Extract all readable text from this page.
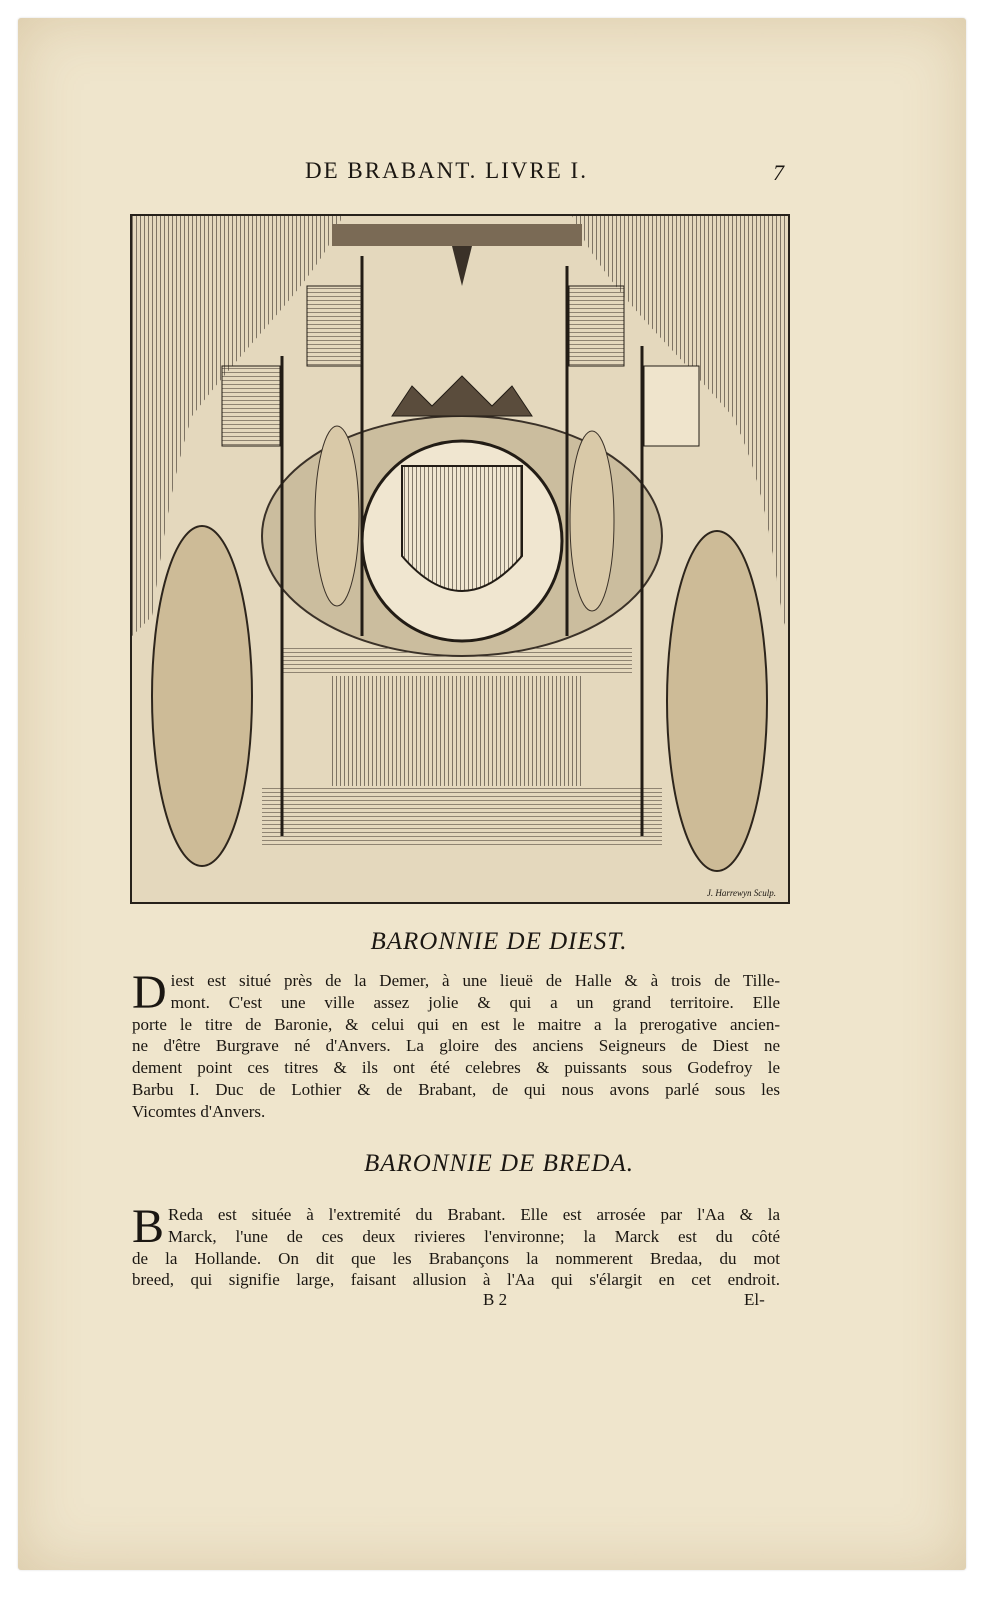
DE BRABANT. LIVRE I.	7
J. Harrewyn Sculp.
BARONNIE DE DIEST.
D iest est situé près de la Demer, à une lieuë de Halle & à trois de Tille-
mont. C'est une ville assez jolie & qui a un grand territoire. Elle
porte le titre de Baronie, & celui qui en est le maitre a la prerogative ancien-
ne d'être Burgrave né d'Anvers. La gloire des anciens Seigneurs de Diest ne
dement point ces titres & ils ont été celebres & puissants sous Godefroy le
Barbu I. Duc de Lothier & de Brabant, de qui nous avons parlé sous les
Vicomtes d'Anvers.
BARONNIE DE BREDA.
B Reda est située à l'extremité du Brabant. Elle est arrosée par l'Aa & la
Marck, l'une de ces deux rivieres l'environne; la Marck est du côté
de la Hollande. On dit que les Brabançons la nommerent Bredaa, du mot
breed, qui signifie large, faisant allusion à l'Aa qui s'élargit en cet endroit.
B 2	El-
